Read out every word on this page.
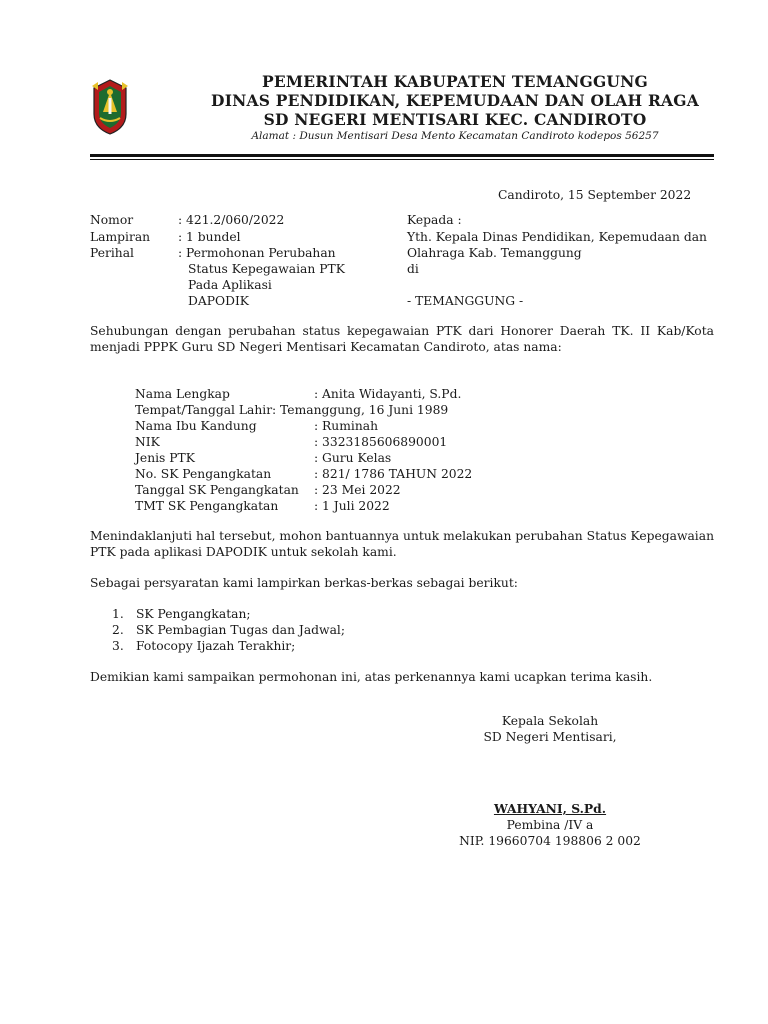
PEMERINTAH KABUPATEN TEMANGGUNG
DINAS PENDIDIKAN, KEPEMUDAAN DAN OLAH RAGA
SD NEGERI MENTISARI KEC. CANDIROTO
Alamat : Dusun Mentisari Desa Mento Kecamatan Candiroto kodepos 56257
Candiroto, 15 September 2022
Nomor	: 421.2/060/2022	Kepada :
Lampiran : 1 bundel	Yth. Kepala Dinas Pendidikan, Kepemudaan dan
Perihal	: Permohonan Perubahan	Olahraga Kab. Temanggung
Status Kepegawaian PTK	di
Pada Aplikasi
DAPODIK	- TEMANGGUNG -
Sehubungan dengan perubahan status kepegawaian PTK dari Honorer Daerah TK. II Kab/Kota menjadi PPPK Guru SD Negeri Mentisari Kecamatan Candiroto, atas nama:
Nama Lengkap	: Anita Widayanti, S.Pd.
Tempat/Tanggal Lahir : Temanggung, 16 Juni 1989
Nama Ibu Kandung	: Ruminah
NIK	: 3323185606890001
Jenis PTK	: Guru Kelas
No. SK Pengangkatan	: 821/ 1786 TAHUN 2022
Tanggal SK Pengangkatan : 23 Mei 2022
TMT SK Pengangkatan	: 1 Juli 2022
Menindaklanjuti hal tersebut, mohon bantuannya untuk melakukan perubahan Status Kepegawaian PTK pada aplikasi DAPODIK untuk sekolah kami.
Sebagai persyaratan kami lampirkan berkas-berkas sebagai berikut:
1. SK Pengangkatan;
2. SK Pembagian Tugas dan Jadwal;
3. Fotocopy Ijazah Terakhir;
Demikian kami sampaikan permohonan ini, atas perkenannya kami ucapkan terima kasih.
Kepala Sekolah
SD Negeri Mentisari,
WAHYANI, S.Pd.
Pembina /IV a
NIP. 19660704 198806 2 002
